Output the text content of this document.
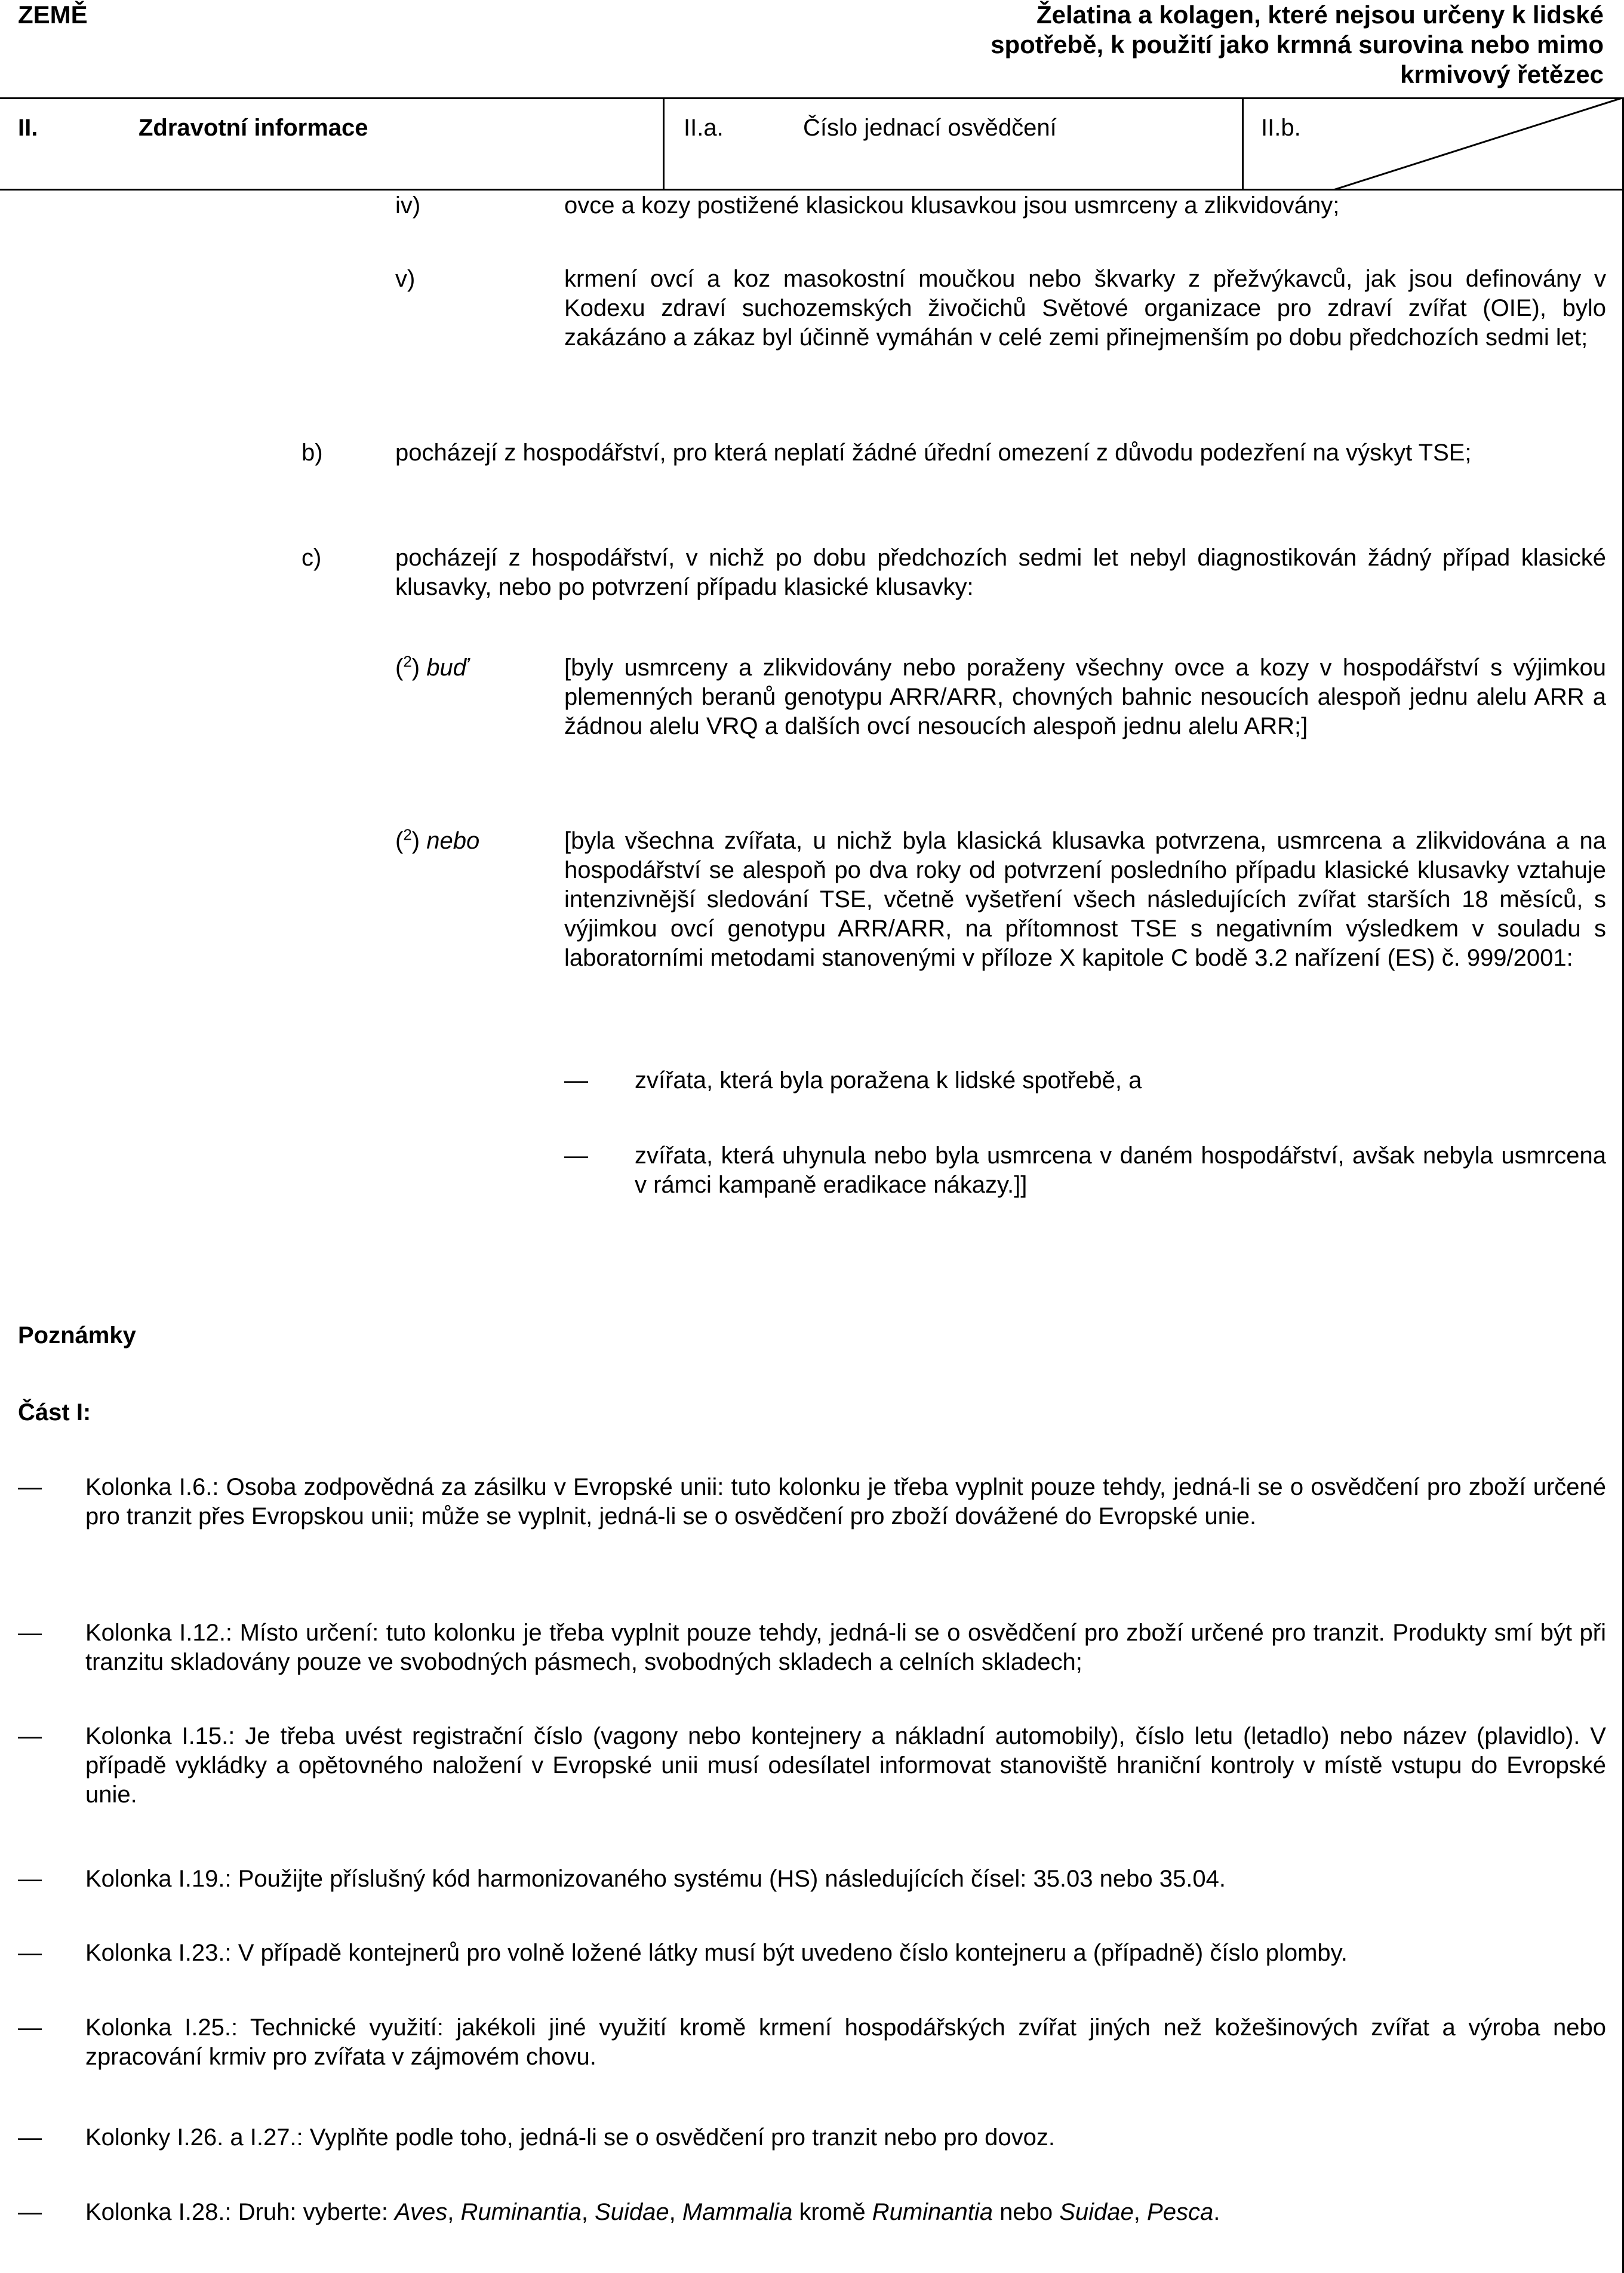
ZEMĚ	Želatina a kolagen, které nejsou určeny k lidské
spotřebě, k použití jako krmná surovina nebo mimo
krmivový řetězec
II.	Zdravotní informace	II.a.	Číslo jednací osvědčení	II.b.
iv)	ovce a kozy postižené klasickou klusavkou jsou usmrceny a zlikvidovány;
v)	krmení ovcí a koz masokostní moučkou nebo škvarky z přežvýkavců, jak jsou definovány v Kodexu zdraví suchozemských živočichů Světové organizace pro zdraví zvířat (OIE), bylo zakázáno a zákaz byl účinně vymáhán v celé zemi přinejmenším po dobu předchozích sedmi let;
b)	pocházejí z hospodářství, pro která neplatí žádné úřední omezení z důvodu podezření na výskyt TSE;
c)	pocházejí z hospodářství, v nichž po dobu předchozích sedmi let nebyl diagnostikován žádný případ klasické klusavky, nebo po potvrzení případu klasické klusavky:
($^2$) buď	[byly usmrceny a zlikvidovány nebo poraženy všechny ovce a kozy v hospodářství s výjimkou plemenných beranů genotypu ARR/ARR, chovných bahnic nesoucích alespoň jednu alelu ARR a žádnou alelu VRQ a dalších ovcí nesoucích alespoň jednu alelu ARR;]
($^2$) nebo	[byla všechna zvířata, u nichž byla klasická klusavka potvrzena, usmrcena a zlikvidována a na hospodářství se alespoň po dva roky od potvrzení posledního případu klasické klusavky vztahuje intenzivnější sledování TSE, včetně vyšetření všech následujících zvířat starších 18 měsíců, s výjimkou ovcí genotypu ARR/ARR, na přítomnost TSE s negativním výsledkem v souladu s laboratorními metodami stanovenými v příloze X kapitole C bodě 3.2 nařízení (ES) č. 999/2001:
— zvířata, která byla poražena k lidské spotřebě, a
— zvířata, která uhynula nebo byla usmrcena v daném hospodářství, avšak nebyla usmrcena v rámci kampaně eradikace nákazy.]]
Poznámky
Část I:
— Kolonka I.6.: Osoba zodpovědná za zásilku v Evropské unii: tuto kolonku je třeba vyplnit pouze tehdy, jedná-li se o osvědčení pro zboží určené pro tranzit přes Evropskou unii; může se vyplnit, jedná-li se o osvědčení pro zboží dovážené do Evropské unie.
— Kolonka I.12.: Místo určení: tuto kolonku je třeba vyplnit pouze tehdy, jedná-li se o osvědčení pro zboží určené pro tranzit. Produkty smí být při tranzitu skladovány pouze ve svobodných pásmech, svobodných skladech a celních skladech;
— Kolonka I.15.: Je třeba uvést registrační číslo (vagony nebo kontejnery a nákladní automobily), číslo letu (letadlo) nebo název (plavidlo). V případě vykládky a opětovného naložení v Evropské unii musí odesílatel informovat stanoviště hraniční kontroly v místě vstupu do Evropské unie.
— Kolonka I.19.: Použijte příslušný kód harmonizovaného systému (HS) následujících čísel: 35.03 nebo 35.04.
— Kolonka I.23.: V případě kontejnerů pro volně ložené látky musí být uvedeno číslo kontejneru a (případně) číslo plomby.
— Kolonka I.25.: Technické využití: jakékoli jiné využití kromě krmení hospodářských zvířat jiných než kožešinových zvířat a výroba nebo zpracování krmiv pro zvířata v zájmovém chovu.
— Kolonky I.26. a I.27.: Vyplňte podle toho, jedná-li se o osvědčení pro tranzit nebo pro dovoz.
— Kolonka I.28.: Druh: vyberte: Aves, Ruminantia, Suidae, Mammalia kromě Ruminantia nebo Suidae, Pesca.
